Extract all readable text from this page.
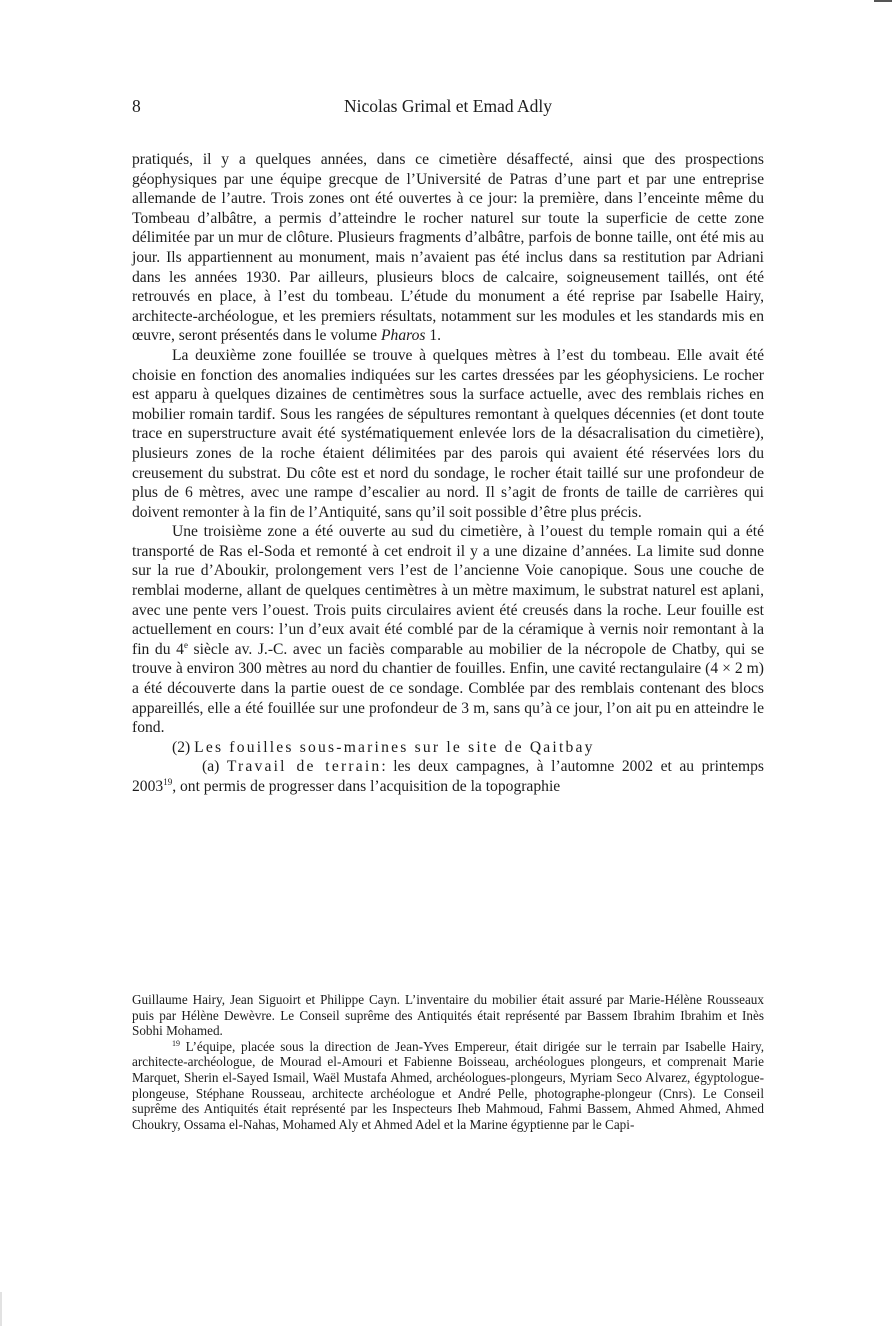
8	Nicolas Grimal et Emad Adly

pratiqués, il y a quelques années, dans ce cimetière désaffecté, ainsi que des prospections géophysiques par une équipe grecque de l’Université de Patras d’une part et par une entreprise allemande de l’autre. Trois zones ont été ouvertes à ce jour: la première, dans l’enceinte même du Tombeau d’albâtre, a permis d’atteindre le rocher naturel sur toute la superficie de cette zone délimitée par un mur de clôture. Plusieurs fragments d’albâtre, parfois de bonne taille, ont été mis au jour. Ils appartiennent au monument, mais n’avaient pas été inclus dans sa restitution par Adriani dans les années 1930. Par ailleurs, plusieurs blocs de calcaire, soigneusement taillés, ont été retrouvés en place, à l’est du tombeau. L’étude du monument a été reprise par Isabelle Hairy, architecte-archéologue, et les premiers résultats, notamment sur les modules et les standards mis en œuvre, seront présentés dans le volume Pharos 1.

La deuxième zone fouillée se trouve à quelques mètres à l’est du tombeau. Elle avait été choisie en fonction des anomalies indiquées sur les cartes dressées par les géophysiciens. Le rocher est apparu à quelques dizaines de centimètres sous la surface actuelle, avec des remblais riches en mobilier romain tardif. Sous les rangées de sépultures remontant à quelques décennies (et dont toute trace en superstructure avait été systématiquement enlevée lors de la désacralisation du cimetière), plusieurs zones de la roche étaient délimitées par des parois qui avaient été réservées lors du creusement du substrat. Du côte est et nord du sondage, le rocher était taillé sur une profondeur de plus de 6 mètres, avec une rampe d’escalier au nord. Il s’agit de fronts de taille de carrières qui doivent remonter à la fin de l’Antiquité, sans qu’il soit possible d’être plus précis.

Une troisième zone a été ouverte au sud du cimetière, à l’ouest du temple romain qui a été transporté de Ras el-Soda et remonté à cet endroit il y a une dizaine d’années. La limite sud donne sur la rue d’Aboukir, prolongement vers l’est de l’ancienne Voie canopique. Sous une couche de remblai moderne, allant de quelques centimètres à un mètre maximum, le substrat naturel est aplani, avec une pente vers l’ouest. Trois puits circulaires avient été creusés dans la roche. Leur fouille est actuellement en cours: l’un d’eux avait été comblé par de la céramique à vernis noir remontant à la fin du 4e siècle av. J.-C. avec un faciès comparable au mobilier de la nécropole de Chatby, qui se trouve à environ 300 mètres au nord du chantier de fouilles. Enfin, une cavité rectangulaire (4 × 2 m) a été découverte dans la partie ouest de ce sondage. Comblée par des remblais contenant des blocs appareillés, elle a été fouillée sur une profondeur de 3 m, sans qu’à ce jour, l’on ait pu en atteindre le fond.

(2) Les fouilles sous-marines sur le site de Qaitbay

(a) Travail de terrain: les deux campagnes, à l’automne 2002 et au printemps 2003$^{19}$, ont permis de progresser dans l’acquisition de la topographie

Guillaume Hairy, Jean Siguoirt et Philippe Cayn. L’inventaire du mobilier était assuré par Marie-Hélène Rousseaux puis par Hélène Dewèvre. Le Conseil suprême des Antiquités était représenté par Bassem Ibrahim Ibrahim et Inès Sobhi Mohamed.

$^{19}$ L’équipe, placée sous la direction de Jean-Yves Empereur, était dirigée sur le terrain par Isabelle Hairy, architecte-archéologue, de Mourad el-Amouri et Fabienne Boisseau, archéologues plongeurs, et comprenait Marie Marquet, Sherin el-Sayed Ismail, Waël Mustafa Ahmed, archéologues-plongeurs, Myriam Seco Alvarez, égyptologue-plongeuse, Stéphane Rousseau, architecte archéologue et André Pelle, photographe-plongeur (Cnrs). Le Conseil suprême des Antiquités était représenté par les Inspecteurs Iheb Mahmoud, Fahmi Bassem, Ahmed Ahmed, Ahmed Choukry, Ossama el-Nahas, Mohamed Aly et Ahmed Adel et la Marine égyptienne par le Capi-
